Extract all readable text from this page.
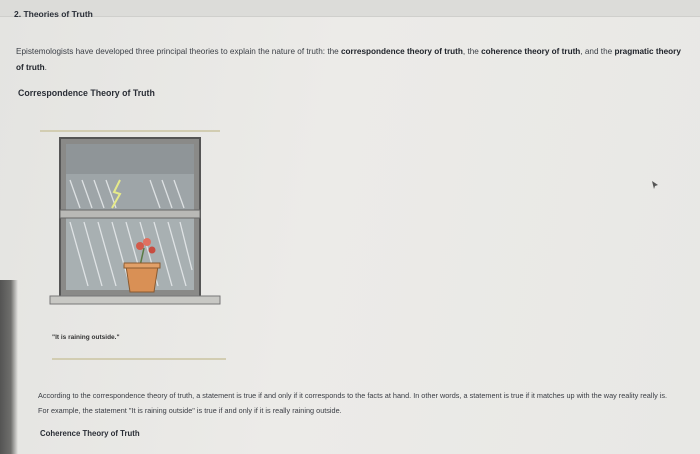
2. Theories of Truth
Epistemologists have developed three principal theories to explain the nature of truth: the correspondence theory of truth, the coherence theory of truth, and the pragmatic theory of truth.
Correspondence Theory of Truth
"It is raining outside."
According to the correspondence theory of truth, a statement is true if and only if it corresponds to the facts at hand. In other words, a statement is true if it matches up with the way reality really is. For example, the statement "It is raining outside" is true if and only if it is really raining outside.
Coherence Theory of Truth
